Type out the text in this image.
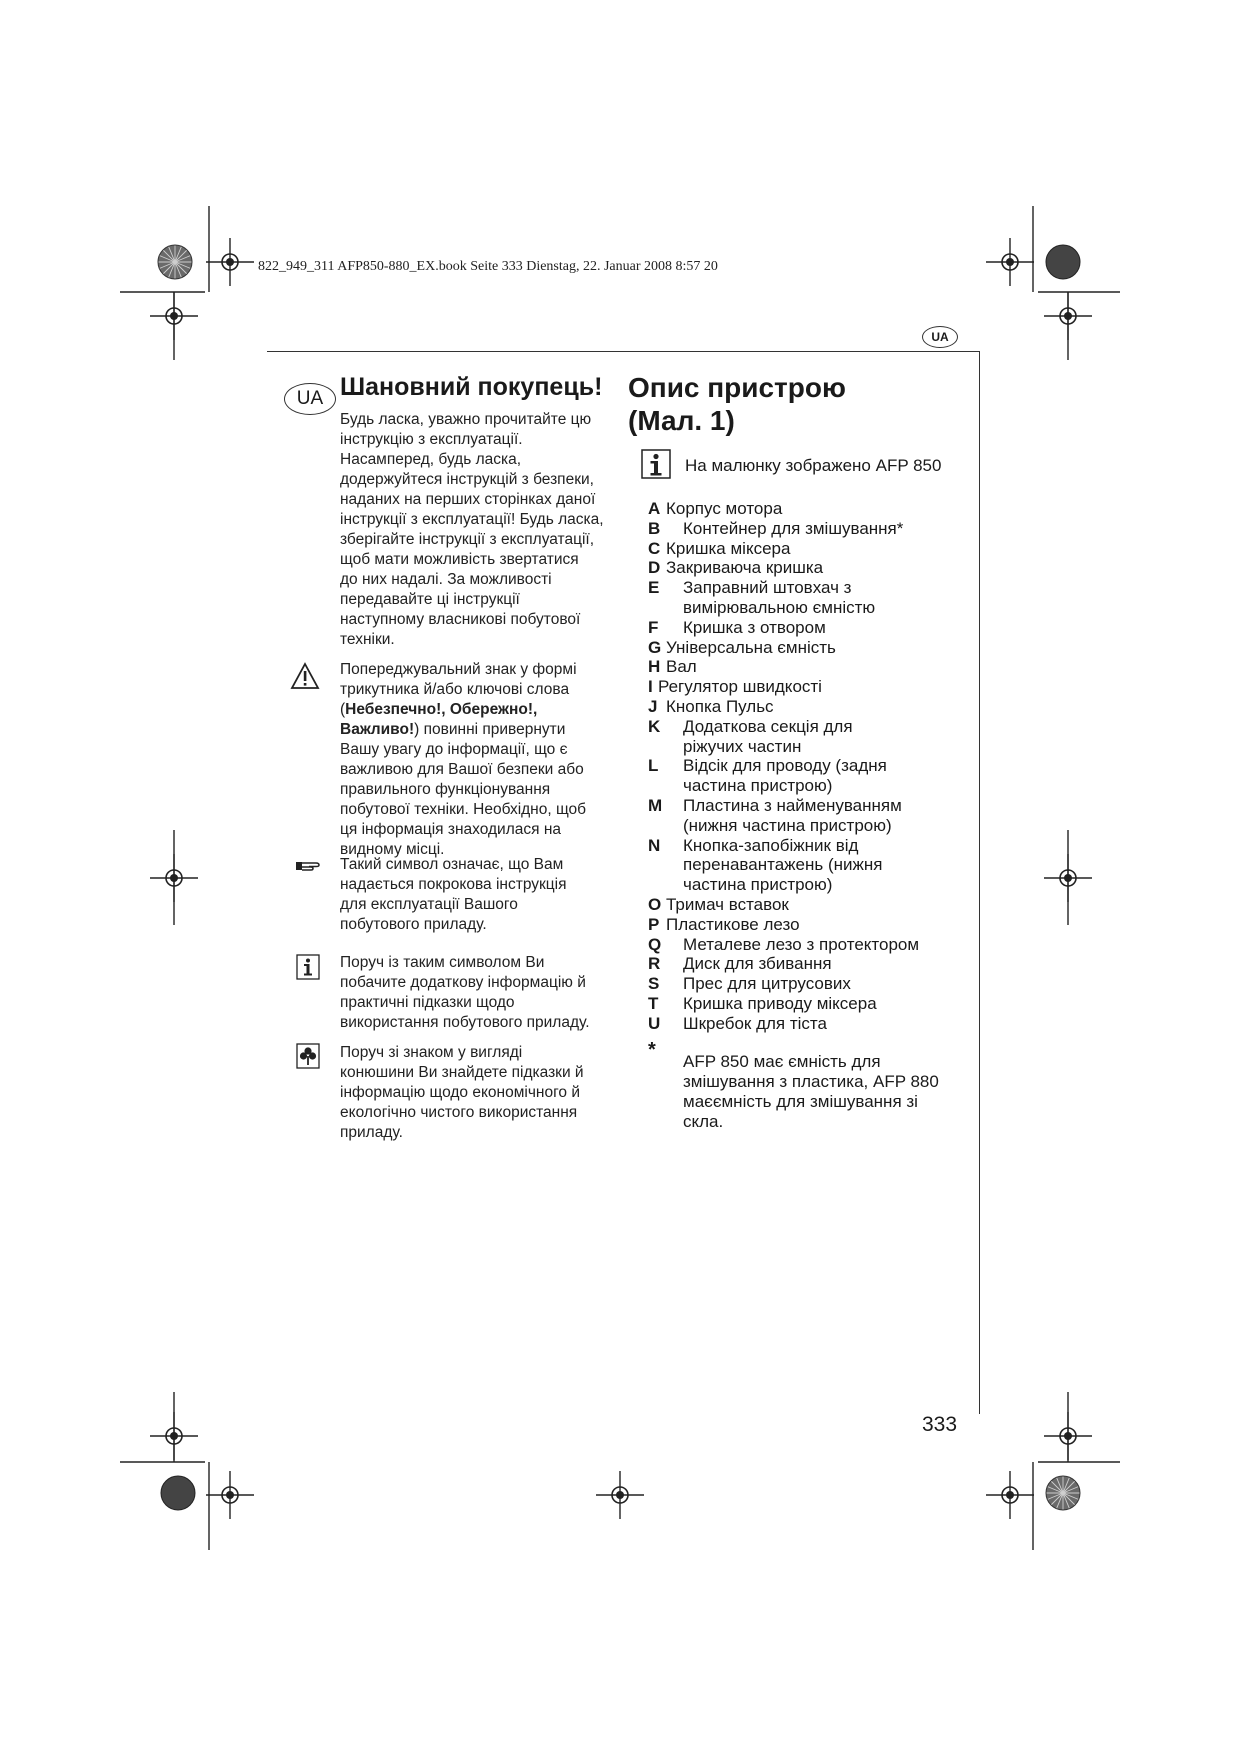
822_949_311 AFP850-880_EX.book Seite 333 Dienstag, 22. Januar 2008 8:57 20
UA
UA Шановний покупець!

Будь ласка, уважно прочитайте цю

інструкцію з експлуатації.

Насамперед, будь ласка,

додержуйтеся інструкцій з безпеки,

наданих на перших сторінках даної

інструкції з експлуатації! Будь ласка,

зберігайте інструкції з експлуатації,

щоб мати можливість звертатися

до них надалі. За можливості

передавайте ці інструкції

наступному власникові побутової

техніки.

Попереджувальний знак у формі

трикутника й/або ключові слова

(Небезпечно!, Обережно!,

Важливо!) повинні привернути

Вашу увагу до інформації, що є

важливою для Вашої безпеки або

правильного функціонування

побутової техніки. Необхідно, щоб

ця інформація знаходилася на

видному місці.

Такий символ означає, що Вам

надається покрокова інструкція

для експлуатації Вашого

побутового приладу.

Поруч із таким символом Ви

побачите додаткову інформацію й

практичні підказки щодо

використання побутового приладу.

Поруч зі знаком у вигляді

конюшини Ви знайдете підказки й

інформацію щодо економічного й

екологічно чистого використання

приладу.

Опис пристрою
(Мал. 1)
На малюнку зображено AFP 850
A Корпус мотора
B Контейнер для змішування*
C Кришка міксера
D Закриваюча кришка
E Заправний штовхач з
вимірювальною ємністю
F Кришка з отвором
G Універсальна ємність
H Вал
I Регулятор швидкості
J Кнопка Пульс
K Додаткова секція для
ріжучих частин
L Відсік для проводу (задня
частина пристрою)
M Пластина з найменуванням
(нижня частина пристрою)
N Кнопка-запобіжник від
перенавантажень (нижня
частина пристрою)
O Тримач вставок
P Пластикове лезо
Q Металеве лезо з протектором
R Диск для збивання
S Прес для цитрусових
T Кришка приводу міксера
U Шкребок для тіста
*
AFP 850 має ємність для
змішування з пластика, AFP 880
маєємність для змішування зі
скла.
333
